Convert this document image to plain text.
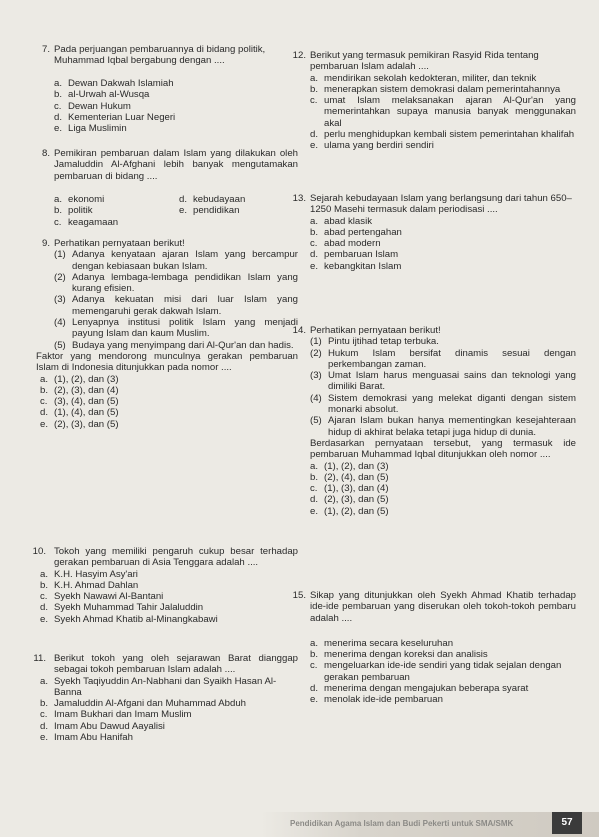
7. Pada perjuangan pembaruannya di bidang politik, Muhammad Iqbal bergabung dengan ....
a. Dewan Dakwah Islamiah
b. al-Urwah al-Wusqa
c. Dewan Hukum
d. Kementerian Luar Negeri
e. Liga Muslimin
8. Pemikiran pembaruan dalam Islam yang dilakukan oleh Jamaluddin Al-Afghani lebih banyak mengutamakan pembaruan di bidang ....
a. ekonomi	d. kebudayaan
b. politik	e. pendidikan
c. keagamaan
9. Perhatikan pernyataan berikut!
(1) Adanya kenyataan ajaran Islam yang bercampur dengan kebiasaan bukan Islam.
(2) Adanya lembaga-lembaga pendidikan Islam yang kurang efisien.
(3) Adanya kekuatan misi dari luar Islam yang memengaruhi gerak dakwah Islam.
(4) Lenyapnya institusi politik Islam yang menjadi payung Islam dan kaum Muslim.
(5) Budaya yang menyimpang dari Al-Qur'an dan hadis.
Faktor yang mendorong munculnya gerakan pembaruan Islam di Indonesia ditunjukkan pada nomor ....
a. (1), (2), dan (3)
b. (2), (3), dan (4)
c. (3), (4), dan (5)
d. (1), (4), dan (5)
e. (2), (3), dan (5)
10. Tokoh yang memiliki pengaruh cukup besar terhadap gerakan pembaruan di Asia Tenggara adalah ....
a. K.H. Hasyim Asy'ari
b. K.H. Ahmad Dahlan
c. Syekh Nawawi Al-Bantani
d. Syekh Muhammad Tahir Jalaluddin
e. Syekh Ahmad Khatib al-Minangkabawi
11. Berikut tokoh yang oleh sejarawan Barat dianggap sebagai tokoh pembaruan Islam adalah ....
a. Syekh Taqiyuddin An-Nabhani dan Syaikh Hasan Al-Banna
b. Jamaluddin Al-Afgani dan Muhammad Abduh
c. Imam Bukhari dan Imam Muslim
d. Imam Abu Dawud Aayalisi
e. Imam Abu Hanifah
12. Berikut yang termasuk pemikiran Rasyid Rida tentang pembaruan Islam adalah ....
a. mendirikan sekolah kedokteran, militer, dan teknik
b. menerapkan sistem demokrasi dalam pemerintahannya
c. umat Islam melaksanakan ajaran Al-Qur'an yang memerintahkan supaya manusia banyak menggunakan akal
d. perlu menghidupkan kembali sistem pemerintahan khalifah
e. ulama yang berdiri sendiri
13. Sejarah kebudayaan Islam yang berlangsung dari tahun 650–1250 Masehi termasuk dalam periodisasi ....
a. abad klasik
b. abad pertengahan
c. abad modern
d. pembaruan Islam
e. kebangkitan Islam
14. Perhatikan pernyataan berikut!
(1) Pintu ijtihad tetap terbuka.
(2) Hukum Islam bersifat dinamis sesuai dengan perkembangan zaman.
(3) Umat Islam harus menguasai sains dan teknologi yang dimiliki Barat.
(4) Sistem demokrasi yang melekat diganti dengan sistem monarki absolut.
(5) Ajaran Islam bukan hanya mementingkan kesejahteraan hidup di akhirat belaka tetapi juga hidup di dunia.
Berdasarkan pernyataan tersebut, yang termasuk ide pembaruan Muhammad Iqbal ditunjukkan oleh nomor ....
a. (1), (2), dan (3)
b. (2), (4), dan (5)
c. (1), (3), dan (4)
d. (2), (3), dan (5)
e. (1), (2), dan (5)
15. Sikap yang ditunjukkan oleh Syekh Ahmad Khatib terhadap ide-ide pembaruan yang diserukan oleh tokoh-tokoh pembaru adalah ....
a. menerima secara keseluruhan
b. menerima dengan koreksi dan analisis
c. mengeluarkan ide-ide sendiri yang tidak sejalan dengan gerakan pembaruan
d. menerima dengan mengajukan beberapa syarat
e. menolak ide-ide pembaruan
Pendidikan Agama Islam dan Budi Pekerti untuk SMA/SMK	57
